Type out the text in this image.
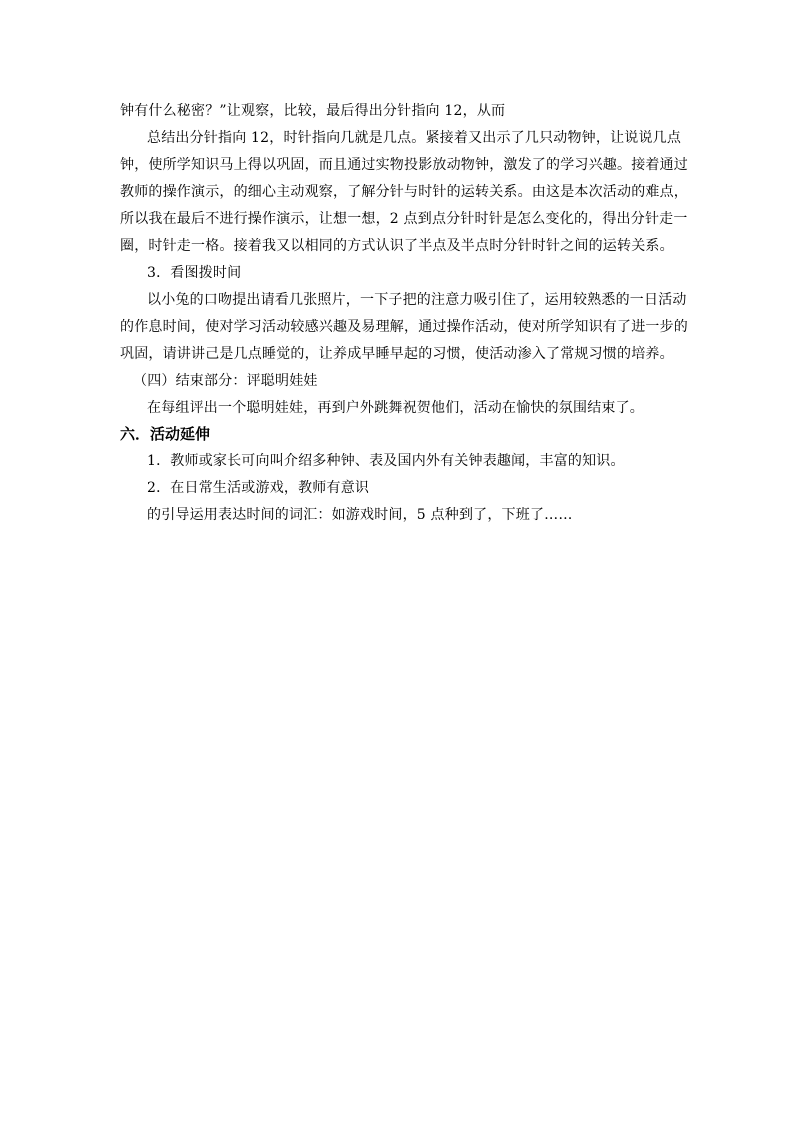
钟有什么秘密？”让观察，比较，最后得出分针指向 12，从而
总结出分针指向 12，时针指向几就是几点。紧接着又出示了几只动物钟，让说说几点
钟，使所学知识马上得以巩固，而且通过实物投影放动物钟，激发了的学习兴趣。接着通过
教师的操作演示，的细心主动观察，了解分针与时针的运转关系。由这是本次活动的难点，
所以我在最后不进行操作演示，让想一想，2 点到点分针时针是怎么变化的，得出分针走一
圈，时针走一格。接着我又以相同的方式认识了半点及半点时分针时针之间的运转关系。
3．看图拨时间
以小兔的口吻提出请看几张照片，一下子把的注意力吸引住了，运用较熟悉的一日活动
的作息时间，使对学习活动较感兴趣及易理解，通过操作活动，使对所学知识有了进一步的
巩固，请讲讲己是几点睡觉的，让养成早睡早起的习惯，使活动渗入了常规习惯的培养。
（四）结束部分：评聪明娃娃
在每组评出一个聪明娃娃，再到户外跳舞祝贺他们，活动在愉快的氛围结束了。
六．活动延伸
1．教师或家长可向叫介绍多种钟、表及国内外有关钟表趣闻，丰富的知识。
2．在日常生活或游戏，教师有意识
的引导运用表达时间的词汇：如游戏时间，5 点种到了，下班了……
